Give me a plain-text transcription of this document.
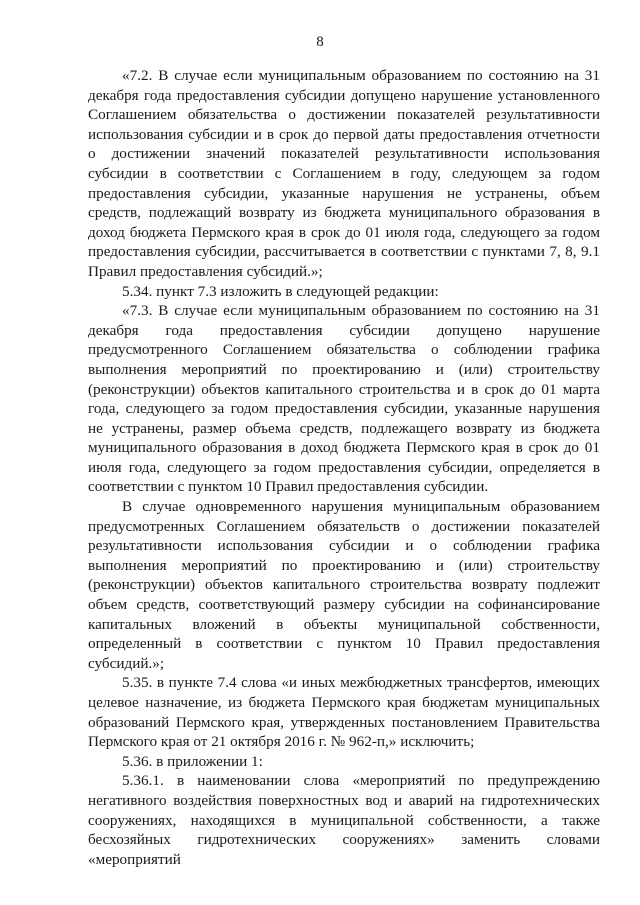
8

«7.2. В случае если муниципальным образованием по состоянию на 31 декабря года предоставления субсидии допущено нарушение установленного Соглашением обязательства о достижении показателей результативности использования субсидии и в срок до первой даты предоставления отчетности о достижении значений показателей результативности использования субсидии в соответствии с Соглашением в году, следующем за годом предоставления субсидии, указанные нарушения не устранены, объем средств, подлежащий возврату из бюджета муниципального образования в доход бюджета Пермского края в срок до 01 июля года, следующего за годом предоставления субсидии, рассчитывается в соответствии с пунктами 7, 8, 9.1 Правил предоставления субсидий.»;

5.34. пункт 7.3 изложить в следующей редакции:

«7.3. В случае если муниципальным образованием по состоянию на 31 декабря года предоставления субсидии допущено нарушение предусмотренного Соглашением обязательства о соблюдении графика выполнения мероприятий по проектированию и (или) строительству (реконструкции) объектов капитального строительства и в срок до 01 марта года, следующего за годом предоставления субсидии, указанные нарушения не устранены, размер объема средств, подлежащего возврату из бюджета муниципального образования в доход бюджета Пермского края в срок до 01 июля года, следующего за годом предоставления субсидии, определяется в соответствии с пунктом 10 Правил предоставления субсидии.

В случае одновременного нарушения муниципальным образованием предусмотренных Соглашением обязательств о достижении показателей результативности использования субсидии и о соблюдении графика выполнения мероприятий по проектированию и (или) строительству (реконструкции) объектов капитального строительства возврату подлежит объем средств, соответствующий размеру субсидии на софинансирование капитальных вложений в объекты муниципальной собственности, определенный в соответствии с пунктом 10 Правил предоставления субсидий.»;

5.35. в пункте 7.4 слова «и иных межбюджетных трансфертов, имеющих целевое назначение, из бюджета Пермского края бюджетам муниципальных образований Пермского края, утвержденных постановлением Правительства Пермского края от 21 октября 2016 г. № 962-п,» исключить;

5.36. в приложении 1:

5.36.1. в наименовании слова «мероприятий по предупреждению негативного воздействия поверхностных вод и аварий на гидротехнических сооружениях, находящихся в муниципальной собственности, а также бесхозяйных гидротехнических сооружениях» заменить словами «мероприятий
